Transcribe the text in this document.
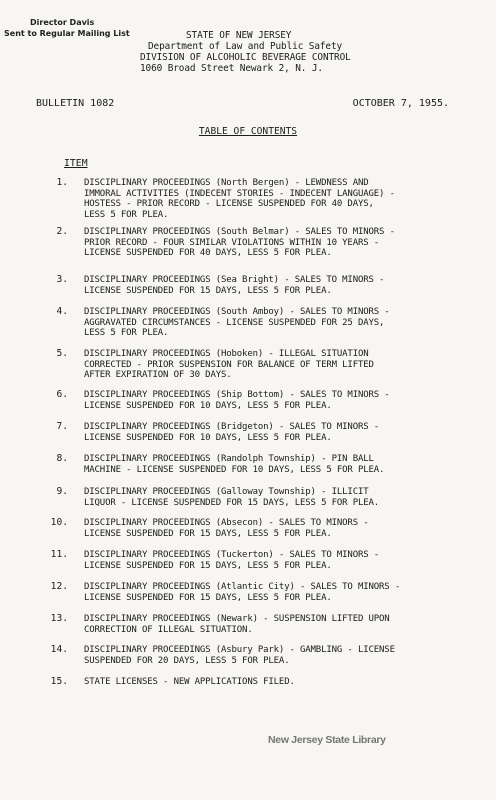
Director Davis
Sent to Regular Mailing List	STATE OF NEW JERSEY
Department of Law and Public Safety
DIVISION OF ALCOHOLIC BEVERAGE CONTROL
1060 Broad Street Newark 2, N. J.
BULLETIN 1082	OCTOBER 7, 1955.
TABLE OF CONTENTS
ITEM
1. DISCIPLINARY PROCEEDINGS (North Bergen) - LEWDNESS AND
IMMORAL ACTIVITIES (INDECENT STORIES - INDECENT LANGUAGE) -
HOSTESS - PRIOR RECORD - LICENSE SUSPENDED FOR 40 DAYS,
LESS 5 FOR PLEA.
2. DISCIPLINARY PROCEEDINGS (South Belmar) - SALES TO MINORS -
PRIOR RECORD - FOUR SIMILAR VIOLATIONS WITHIN 10 YEARS -
LICENSE SUSPENDED FOR 40 DAYS, LESS 5 FOR PLEA.
3. DISCIPLINARY PROCEEDINGS (Sea Bright) - SALES TO MINORS -
LICENSE SUSPENDED FOR 15 DAYS, LESS 5 FOR PLEA.
4. DISCIPLINARY PROCEEDINGS (South Amboy) - SALES TO MINORS -
AGGRAVATED CIRCUMSTANCES - LICENSE SUSPENDED FOR 25 DAYS,
LESS 5 FOR PLEA.
5. DISCIPLINARY PROCEEDINGS (Hoboken) - ILLEGAL SITUATION
CORRECTED - PRIOR SUSPENSION FOR BALANCE OF TERM LIFTED
AFTER EXPIRATION OF 30 DAYS.
6. DISCIPLINARY PROCEEDINGS (Ship Bottom) - SALES TO MINORS -
LICENSE SUSPENDED FOR 10 DAYS, LESS 5 FOR PLEA.
7. DISCIPLINARY PROCEEDINGS (Bridgeton) - SALES TO MINORS -
LICENSE SUSPENDED FOR 10 DAYS, LESS 5 FOR PLEA.
8. DISCIPLINARY PROCEEDINGS (Randolph Township) - PIN BALL
MACHINE - LICENSE SUSPENDED FOR 10 DAYS, LESS 5 FOR PLEA.
9. DISCIPLINARY PROCEEDINGS (Galloway Township) - ILLICIT
LIQUOR - LICENSE SUSPENDED FOR 15 DAYS, LESS 5 FOR PLEA.
10. DISCIPLINARY PROCEEDINGS (Absecon) - SALES TO MINORS -
LICENSE SUSPENDED FOR 15 DAYS, LESS 5 FOR PLEA.
11. DISCIPLINARY PROCEEDINGS (Tuckerton) - SALES TO MINORS -
LICENSE SUSPENDED FOR 15 DAYS, LESS 5 FOR PLEA.
12. DISCIPLINARY PROCEEDINGS (Atlantic City) - SALES TO MINORS -
LICENSE SUSPENDED FOR 15 DAYS, LESS 5 FOR PLEA.
13. DISCIPLINARY PROCEEDINGS (Newark) - SUSPENSION LIFTED UPON
CORRECTION OF ILLEGAL SITUATION.
14. DISCIPLINARY PROCEEDINGS (Asbury Park) - GAMBLING - LICENSE
SUSPENDED FOR 20 DAYS, LESS 5 FOR PLEA.
15. STATE LICENSES - NEW APPLICATIONS FILED.
New Jersey State Library
